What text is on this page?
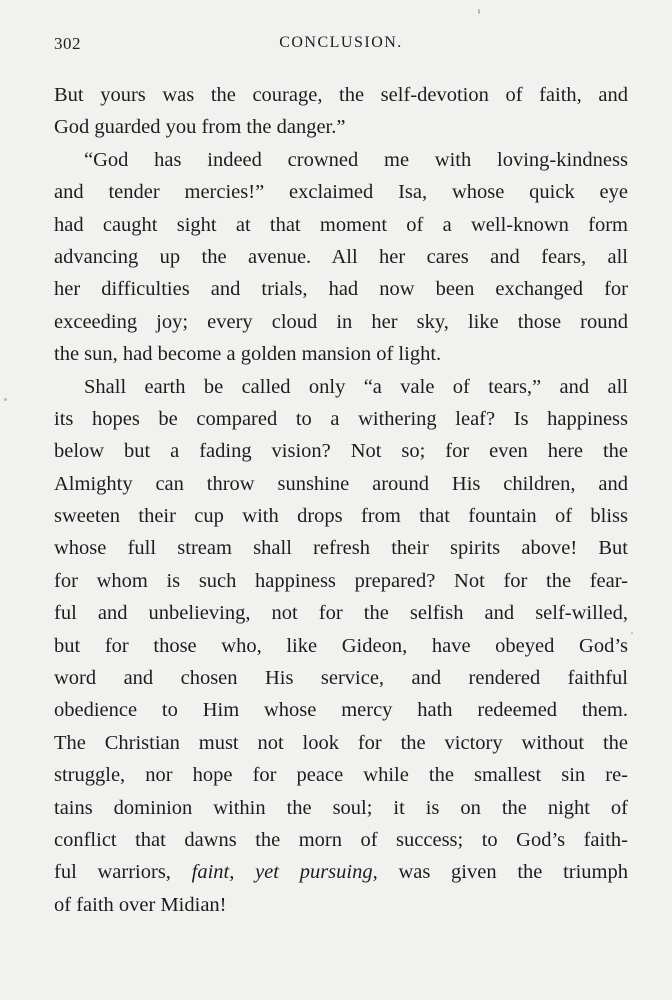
302	CONCLUSION.
But yours was the courage, the self-devotion of faith, and
God guarded you from the danger.”
“God has indeed crowned me with loving-kindness
and tender mercies!” exclaimed Isa, whose quick eye
had caught sight at that moment of a well-known form
advancing up the avenue. All her cares and fears, all
her difficulties and trials, had now been exchanged for
exceeding joy; every cloud in her sky, like those round
the sun, had become a golden mansion of light.
Shall earth be called only “a vale of tears,” and all
its hopes be compared to a withering leaf? Is happiness
below but a fading vision? Not so; for even here the
Almighty can throw sunshine around His children, and
sweeten their cup with drops from that fountain of bliss
whose full stream shall refresh their spirits above! But
for whom is such happiness prepared? Not for the fear-
ful and unbelieving, not for the selfish and self-willed,
but for those who, like Gideon, have obeyed God’s
word and chosen His service, and rendered faithful
obedience to Him whose mercy hath redeemed them.
The Christian must not look for the victory without the
struggle, nor hope for peace while the smallest sin re-
tains dominion within the soul; it is on the night of
conflict that dawns the morn of success; to God’s faith-
ful warriors, faint, yet pursuing, was given the triumph
of faith over Midian!
